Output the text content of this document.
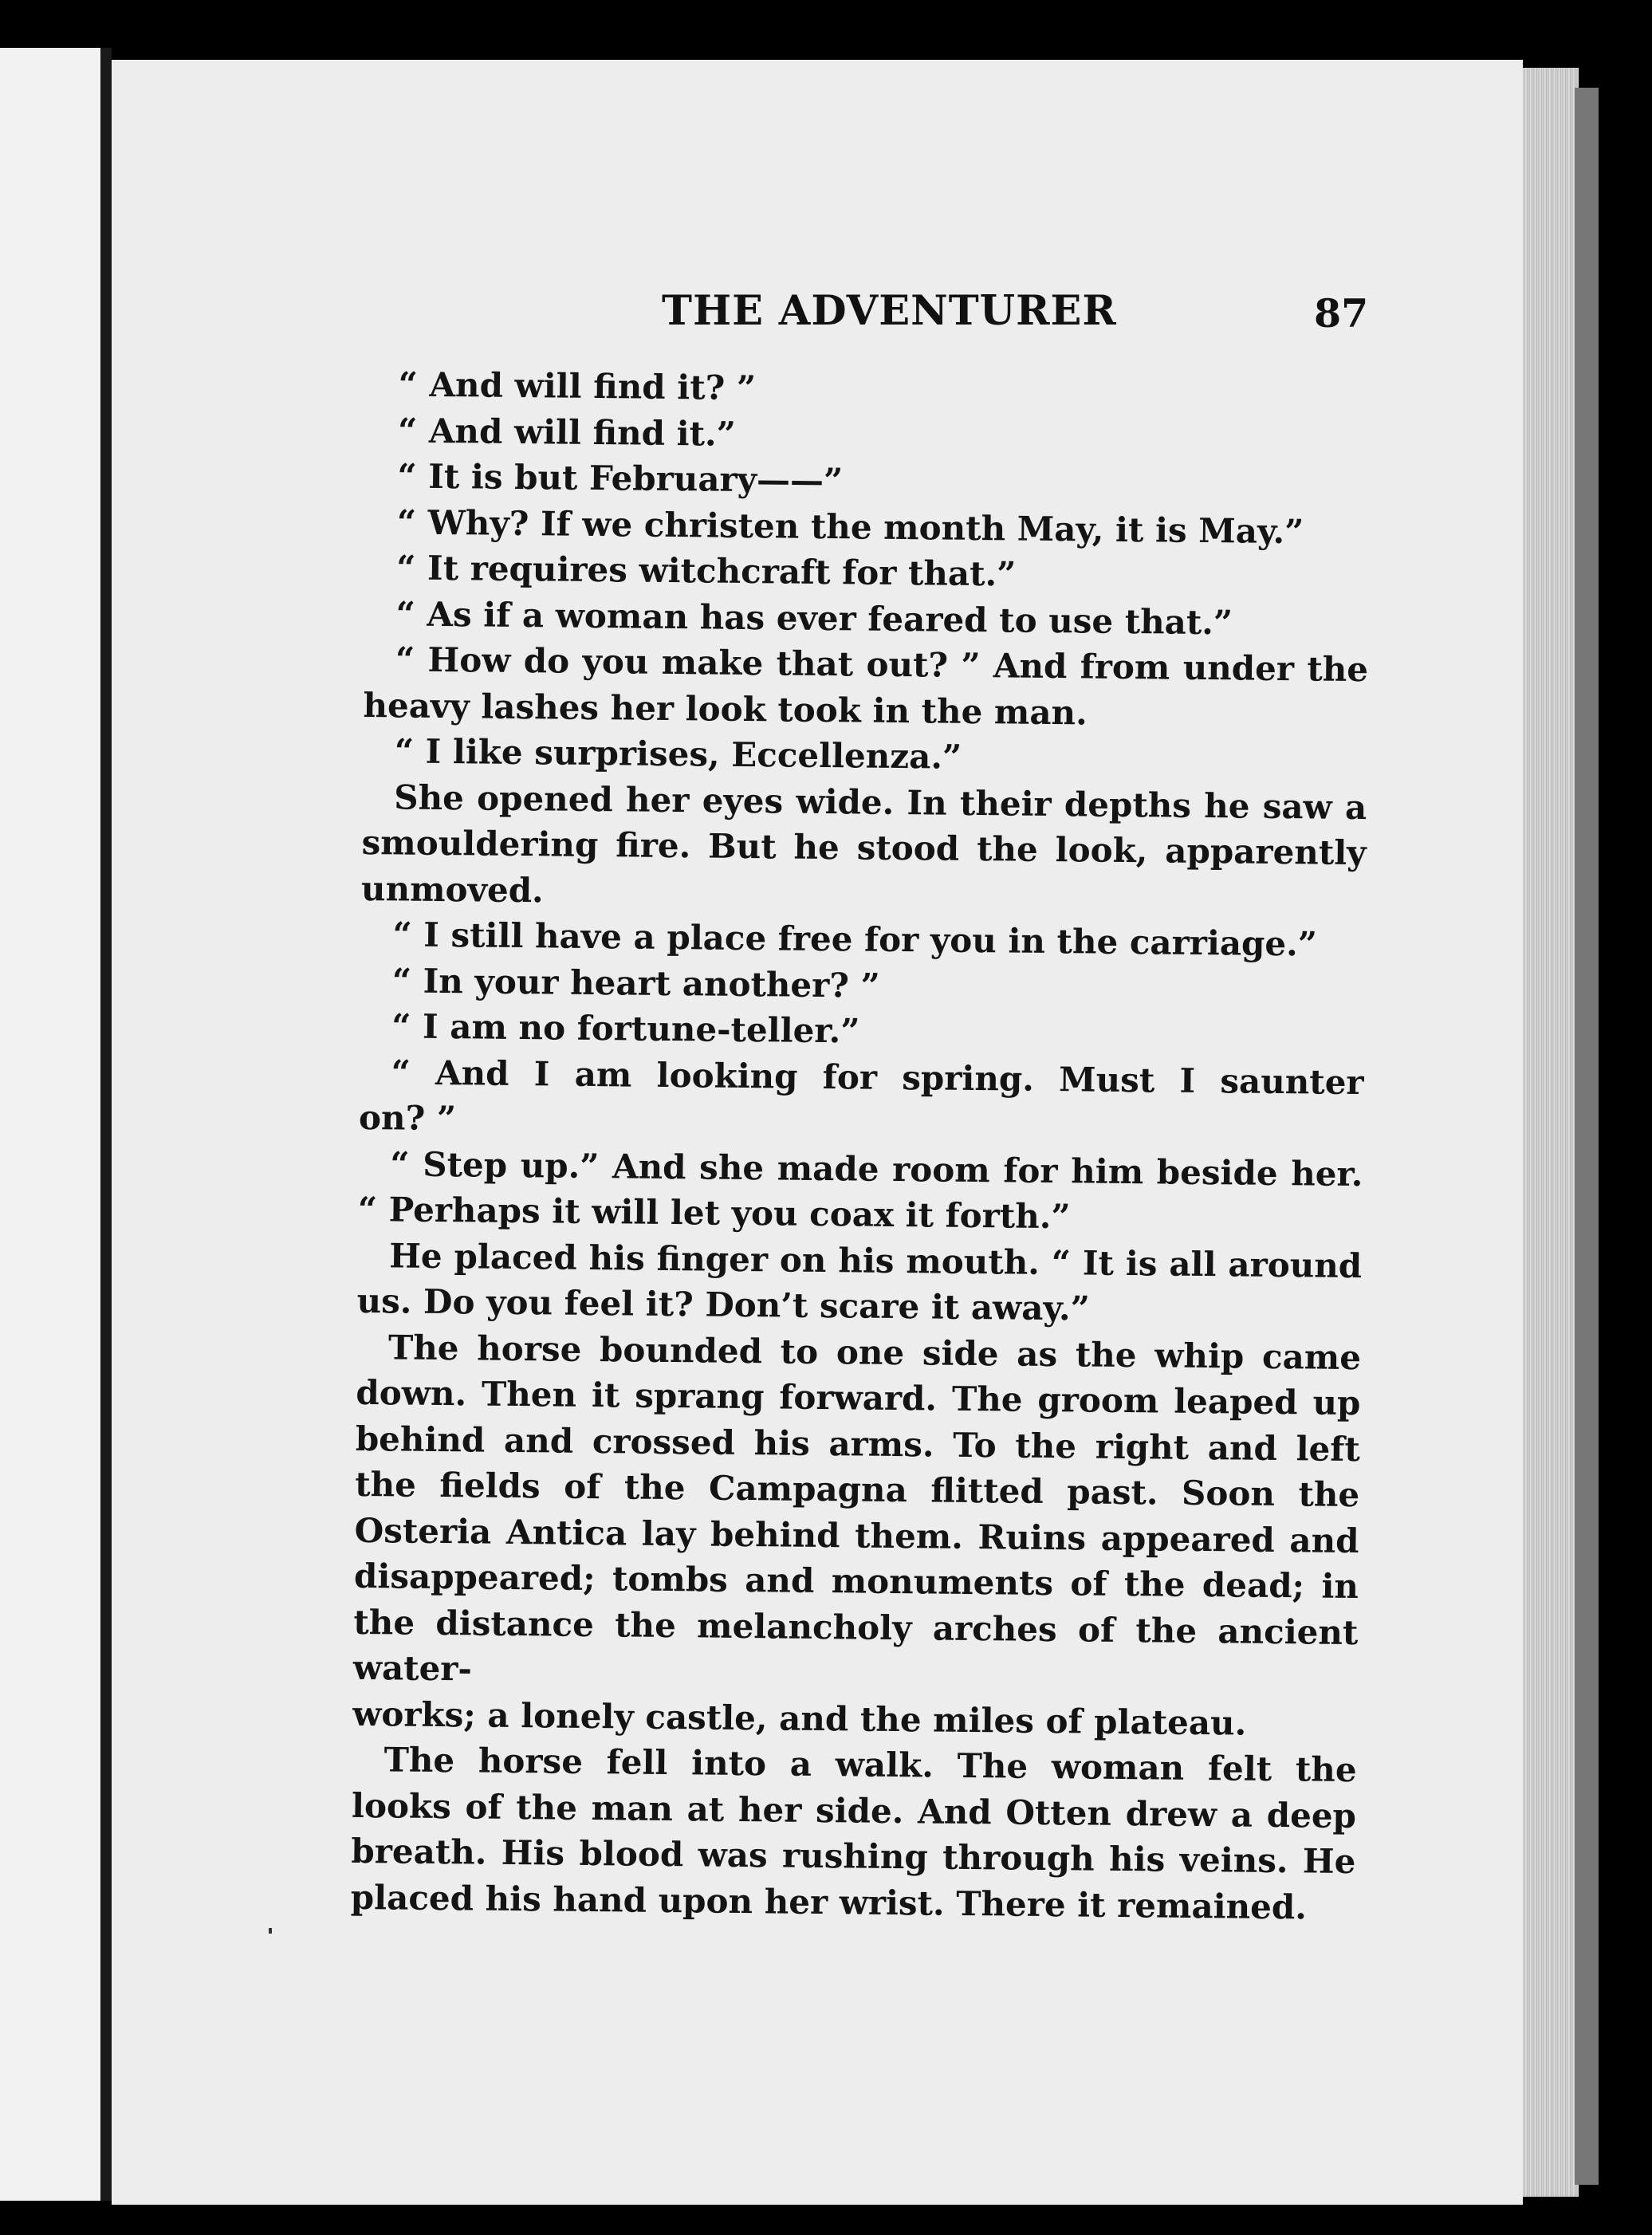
THE ADVENTURER	87
“ And will find it? ”
“ And will find it.”
“ It is but February——”
“ Why? If we christen the month May, it is May.”
“ It requires witchcraft for that.”
“ As if a woman has ever feared to use that.”
“ How do you make that out? ” And from under the
heavy lashes her look took in the man.
“ I like surprises, Eccellenza.”
She opened her eyes wide. In their depths he saw a
smouldering fire. But he stood the look, apparently
unmoved.
“ I still have a place free for you in the carriage.”
“ In your heart another? ”
“ I am no fortune-teller.”
“ And I am looking for spring. Must I saunter
on? ”
“ Step up.” And she made room for him beside her.
“ Perhaps it will let you coax it forth.”
He placed his finger on his mouth. “ It is all around
us. Do you feel it? Don’t scare it away.”
The horse bounded to one side as the whip came
down. Then it sprang forward. The groom leaped up
behind and crossed his arms. To the right and left
the fields of the Campagna flitted past. Soon the
Osteria Antica lay behind them. Ruins appeared and
disappeared; tombs and monuments of the dead; in
the distance the melancholy arches of the ancient water-
works; a lonely castle, and the miles of plateau.
The horse fell into a walk. The woman felt the
looks of the man at her side. And Otten drew a deep
breath. His blood was rushing through his veins. He
placed his hand upon her wrist. There it remained.
